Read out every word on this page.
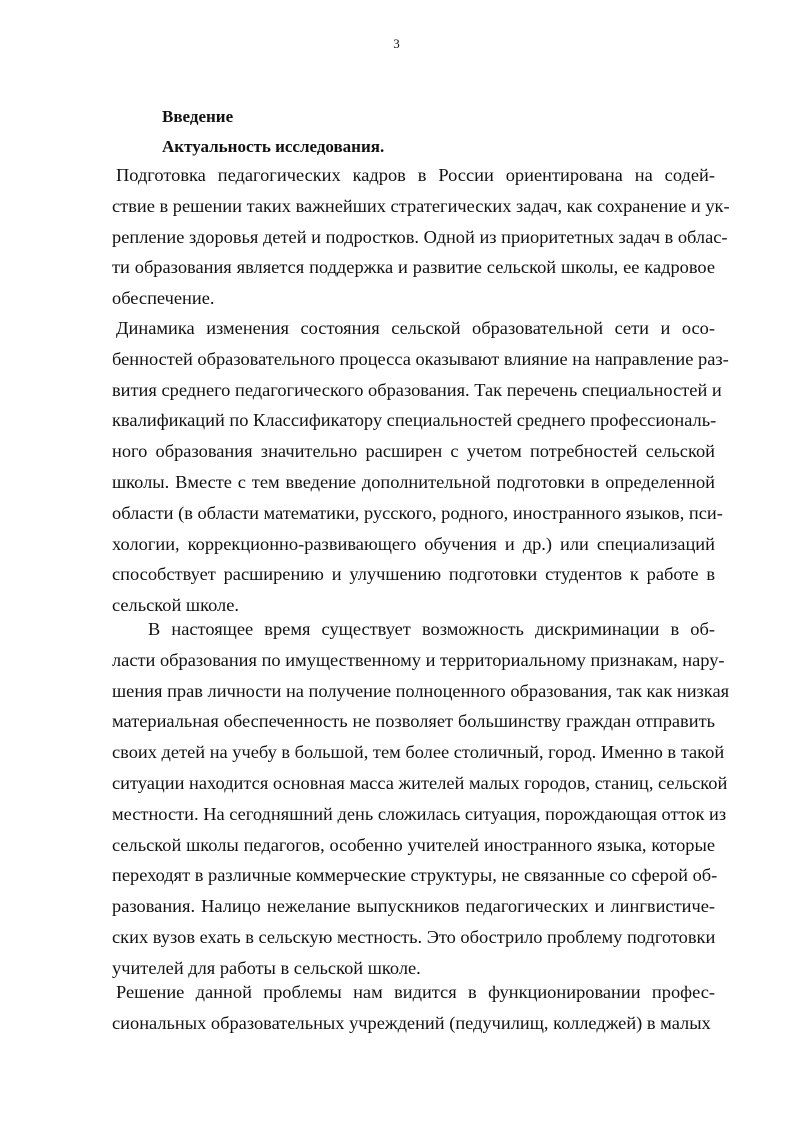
3
Введение
Актуальность исследования.
Подготовка педагогических кадров в России ориентирована на содей-
ствие в решении таких важнейших стратегических задач, как сохранение и ук-
репление здоровья детей и подростков. Одной из приоритетных задач в облас-
ти образования является поддержка и развитие сельской школы, ее кадровое
обеспечение.
Динамика изменения состояния сельской образовательной сети и осо-
бенностей образовательного процесса оказывают влияние на направление раз-
вития среднего педагогического образования. Так перечень специальностей и
квалификаций по Классификатору специальностей среднего профессиональ-
ного образования значительно расширен с учетом потребностей сельской
школы. Вместе с тем введение дополнительной подготовки в определенной
области (в области математики, русского, родного, иностранного языков, пси-
хологии, коррекционно-развивающего обучения и др.) или специализаций
способствует расширению и улучшению подготовки студентов к работе в
сельской школе.
В настоящее время существует возможность дискриминации в об-
ласти образования по имущественному и территориальному признакам, нару-
шения прав личности на получение полноценного образования, так как низкая
материальная обеспеченность не позволяет большинству граждан отправить
своих детей на учебу в большой, тем более столичный, город. Именно в такой
ситуации находится основная масса жителей малых городов, станиц, сельской
местности. На сегодняшний день сложилась ситуация, порождающая отток из
сельской школы педагогов, особенно учителей иностранного языка, которые
переходят в различные коммерческие структуры, не связанные со сферой об-
разования. Налицо нежелание выпускников педагогических и лингвистиче-
ских вузов ехать в сельскую местность. Это обострило проблему подготовки
учителей для работы в сельской школе.
Решение данной проблемы нам видится в функционировании профес-
сиональных образовательных учреждений (педучилищ, колледжей) в малых
